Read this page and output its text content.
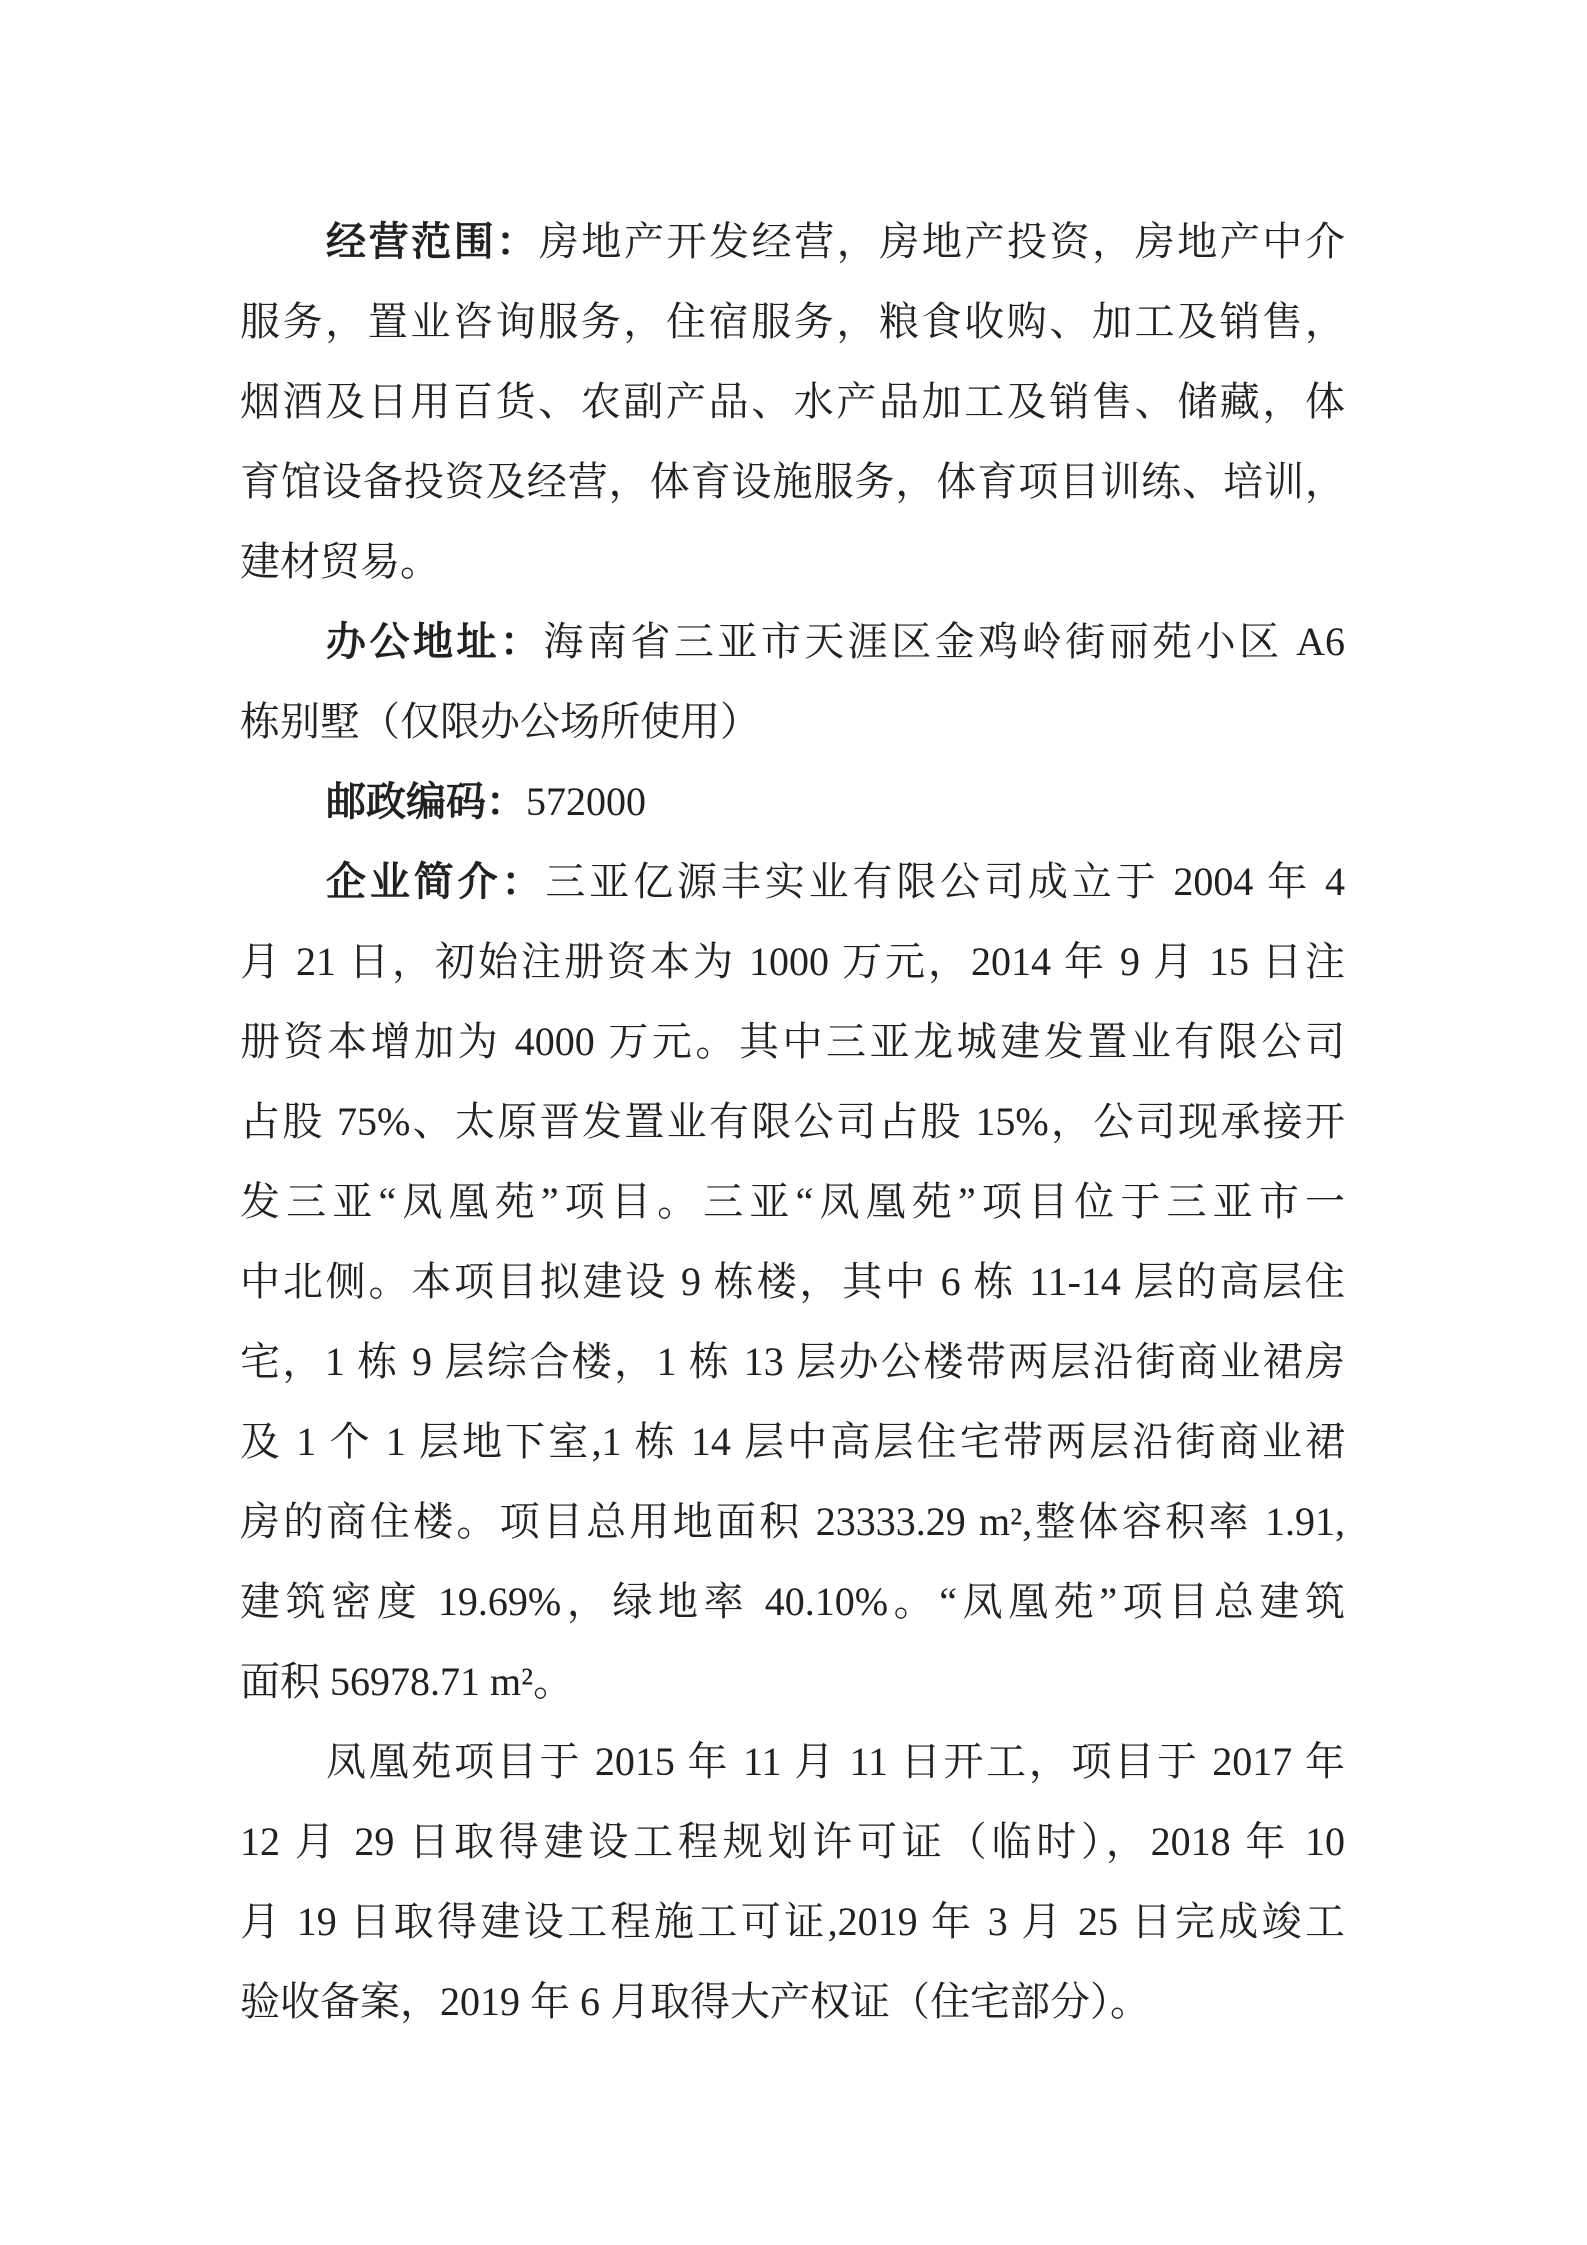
经营范围：房地产开发经营，房地产投资，房地产中介
服务，置业咨询服务，住宿服务，粮食收购、加工及销售，
烟酒及日用百货、农副产品、水产品加工及销售、储藏，体
育馆设备投资及经营，体育设施服务，体育项目训练、培训，
建材贸易。
办公地址：海南省三亚市天涯区金鸡岭街丽苑小区 A6
栋别墅（仅限办公场所使用）
邮政编码：572000
企业简介：三亚亿源丰实业有限公司成立于 2004 年 4
月 21 日，初始注册资本为 1000 万元，2014 年 9 月 15 日注
册资本增加为 4000 万元。其中三亚龙城建发置业有限公司
占股 75%、太原晋发置业有限公司占股 15%，公司现承接开
发三亚“凤凰苑”项目。三亚“凤凰苑”项目位于三亚市一
中北侧。本项目拟建设 9 栋楼，其中 6 栋 11-14 层的高层住
宅，1 栋 9 层综合楼，1 栋 13 层办公楼带两层沿街商业裙房
及 1 个 1 层地下室,1 栋 14 层中高层住宅带两层沿街商业裙
房的商住楼。项目总用地面积 23333.29 m²,整体容积率 1.91,
建筑密度 19.69%，绿地率 40.10%。“凤凰苑”项目总建筑
面积 56978.71 m²。
凤凰苑项目于 2015 年 11 月 11 日开工，项目于 2017 年
12 月 29 日取得建设工程规划许可证（临时），2018 年 10
月 19 日取得建设工程施工可证,2019 年 3 月 25 日完成竣工
验收备案，2019 年 6 月取得大产权证（住宅部分）。
